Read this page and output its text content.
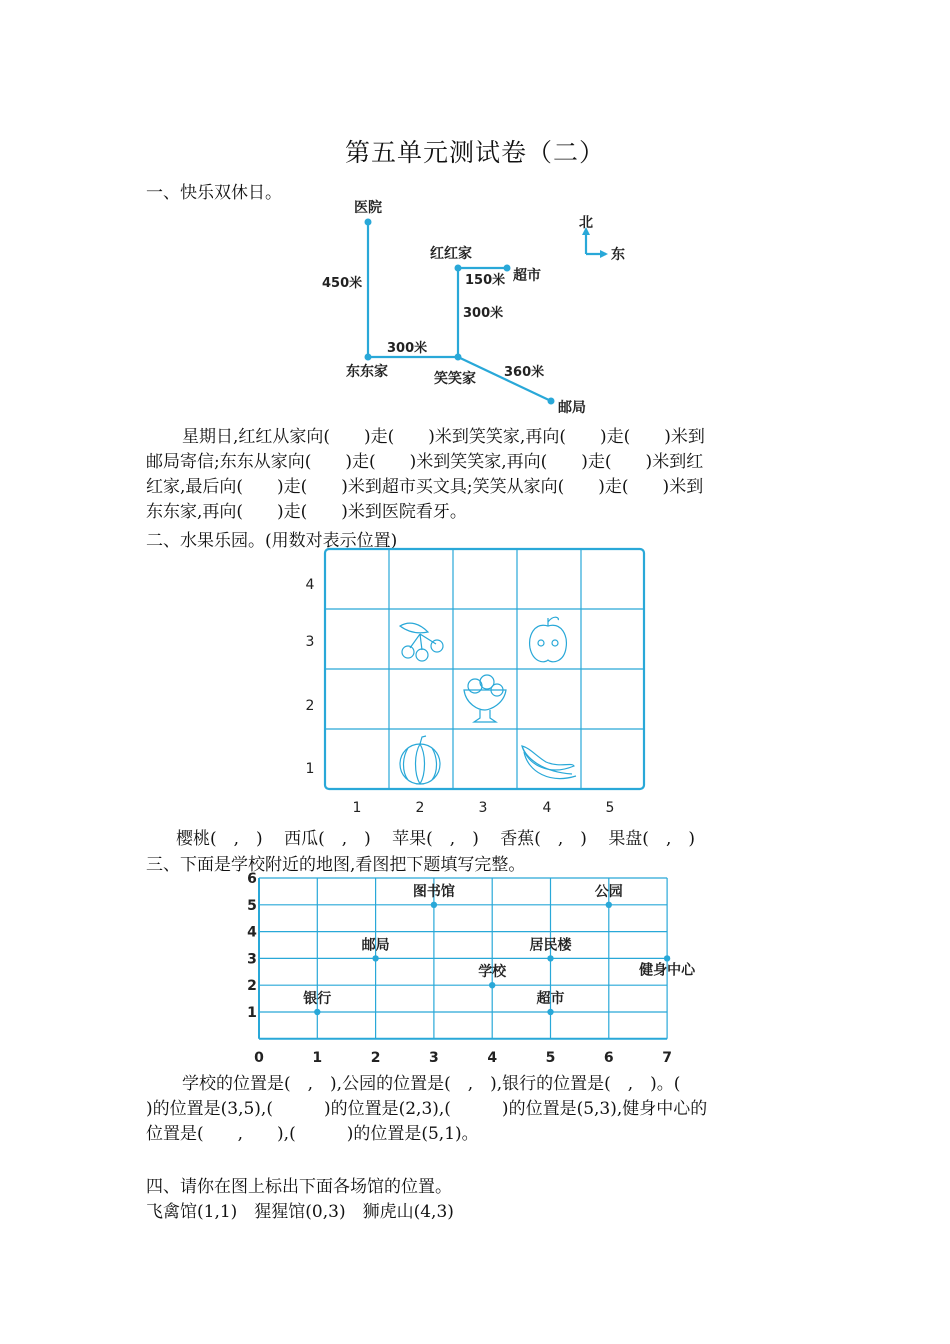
第五单元测试卷（二）
一、快乐双休日。
医院
红红家
超市
东东家	笑笑家
邮局
450米	150米
300米
300米
360米
北
东
星期日,红红从家向(　　)走(　　)米到笑笑家,再向(　　)走(　　)米到
邮局寄信;东东从家向(　　)走(　　)米到笑笑家,再向(　　)走(　　)米到红
红家,最后向(　　)走(　　)米到超市买文具;笑笑从家向(　　)走(　　)米到
东东家,再向(　　)走(　　)米到医院看牙。
二、水果乐园。(用数对表示位置)
4
3
2
1
1	2	3	4	5
樱桃(　,　) 西瓜(　,　) 苹果(　,　) 香蕉(　,　) 果盘(　,　)
三、下面是学校附近的地图,看图把下题填写完整。
0	1	2	3	4	5	6	7
1
2
3
4
5
6
图书馆	公园
邮局	居民楼
健身中心
学校
银行	超市
学校的位置是(　,　),公园的位置是(　,　),银行的位置是(　,　)。(
)的位置是(3,5),(　　　)的位置是(2,3),(　　　)的位置是(5,3),健身中心的
位置是(　　,　　),(　　　)的位置是(5,1)。
四、请你在图上标出下面各场馆的位置。
飞禽馆(1,1)　猩猩馆(0,3)　狮虎山(4,3)
